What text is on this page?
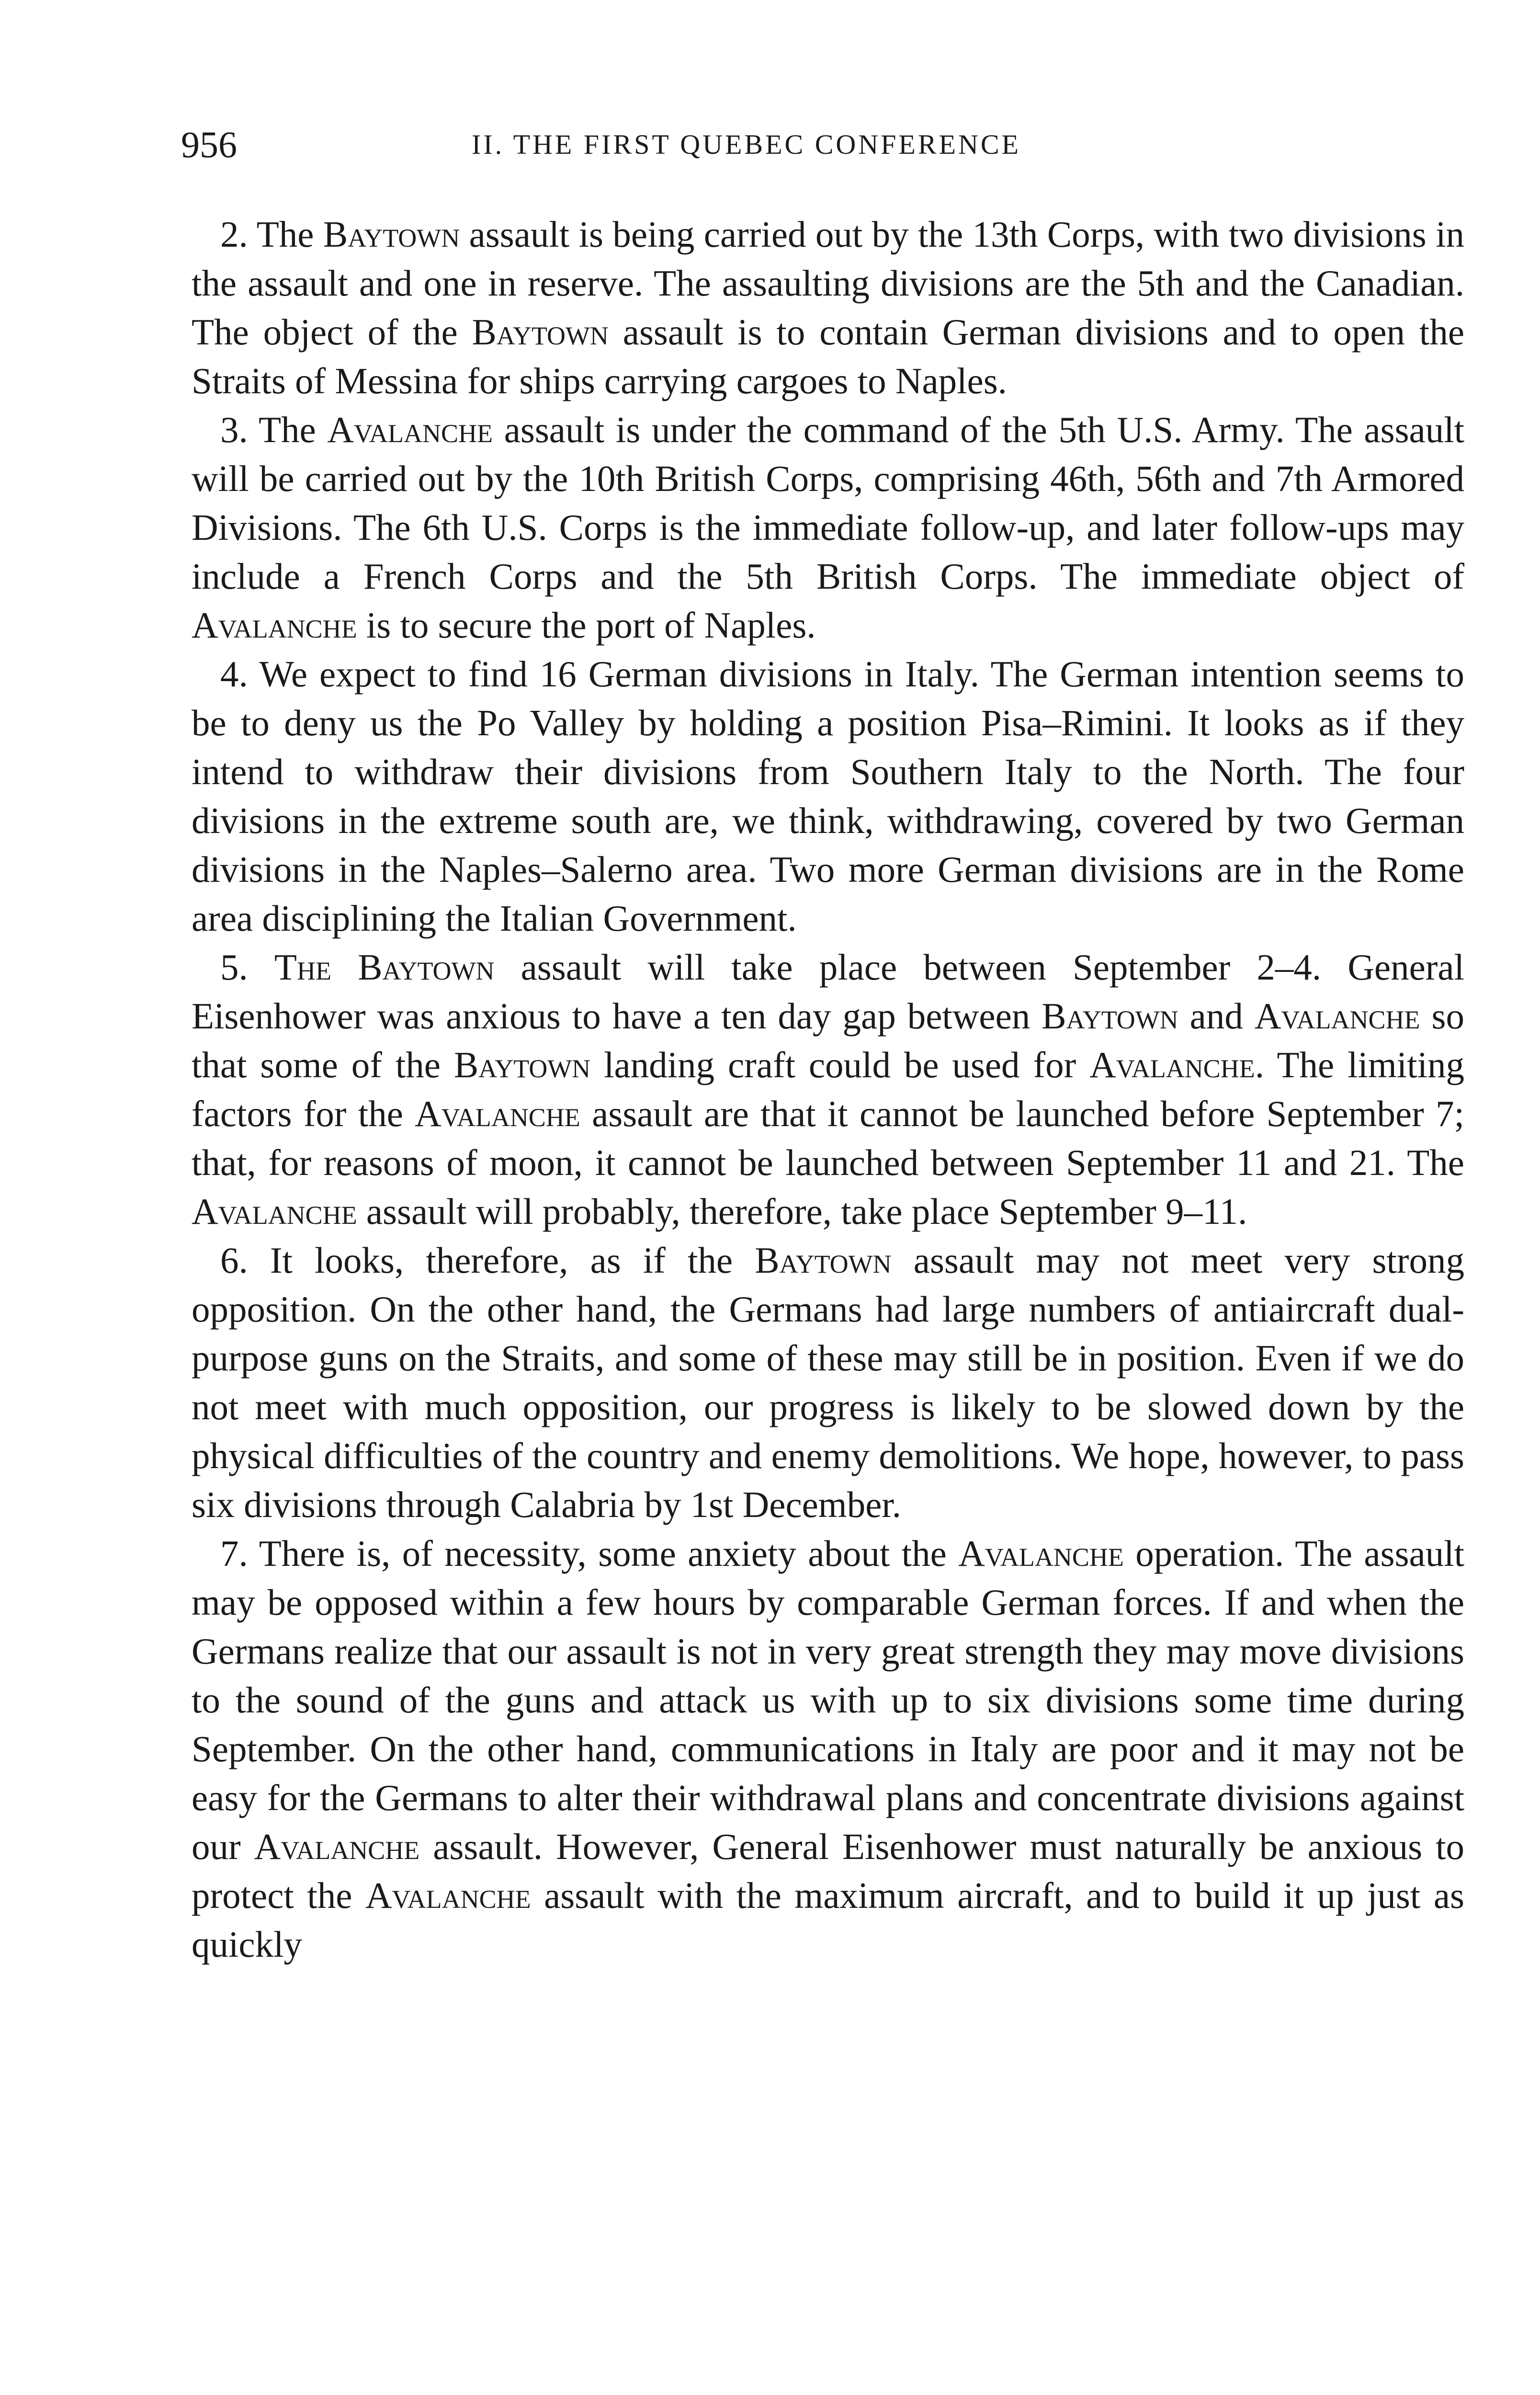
956	II. THE FIRST QUEBEC CONFERENCE

2. The Baytown assault is being carried out by the 13th Corps, with two divisions in the assault and one in reserve. The assaulting divisions are the 5th and the Canadian. The object of the Baytown assault is to contain German divisions and to open the Straits of Messina for ships carrying cargoes to Naples.

3. The Avalanche assault is under the command of the 5th U.S. Army. The assault will be carried out by the 10th British Corps, comprising 46th, 56th and 7th Armored Divisions. The 6th U.S. Corps is the immediate follow-up, and later follow-ups may include a French Corps and the 5th British Corps. The immediate object of Avalanche is to secure the port of Naples.

4. We expect to find 16 German divisions in Italy. The German intention seems to be to deny us the Po Valley by holding a position Pisa–Rimini. It looks as if they intend to withdraw their divisions from Southern Italy to the North. The four divisions in the extreme south are, we think, withdrawing, covered by two German divisions in the Naples–Salerno area. Two more German divisions are in the Rome area disciplining the Italian Government.

5. The Baytown assault will take place between September 2–4. General Eisenhower was anxious to have a ten day gap between Baytown and Avalanche so that some of the Baytown landing craft could be used for Avalanche. The limiting factors for the Avalanche assault are that it cannot be launched before September 7; that, for reasons of moon, it cannot be launched between September 11 and 21. The Avalanche assault will probably, therefore, take place September 9–11.

6. It looks, therefore, as if the Baytown assault may not meet very strong opposition. On the other hand, the Germans had large numbers of antiaircraft dual-purpose guns on the Straits, and some of these may still be in position. Even if we do not meet with much opposition, our progress is likely to be slowed down by the physical difficulties of the country and enemy demolitions. We hope, however, to pass six divisions through Calabria by 1st December.

7. There is, of necessity, some anxiety about the Avalanche operation. The assault may be opposed within a few hours by comparable German forces. If and when the Germans realize that our assault is not in very great strength they may move divisions to the sound of the guns and attack us with up to six divisions some time during September. On the other hand, communications in Italy are poor and it may not be easy for the Germans to alter their withdrawal plans and concentrate divisions against our Avalanche assault. However, General Eisenhower must naturally be anxious to protect the Avalanche assault with the maximum aircraft, and to build it up just as quickly
